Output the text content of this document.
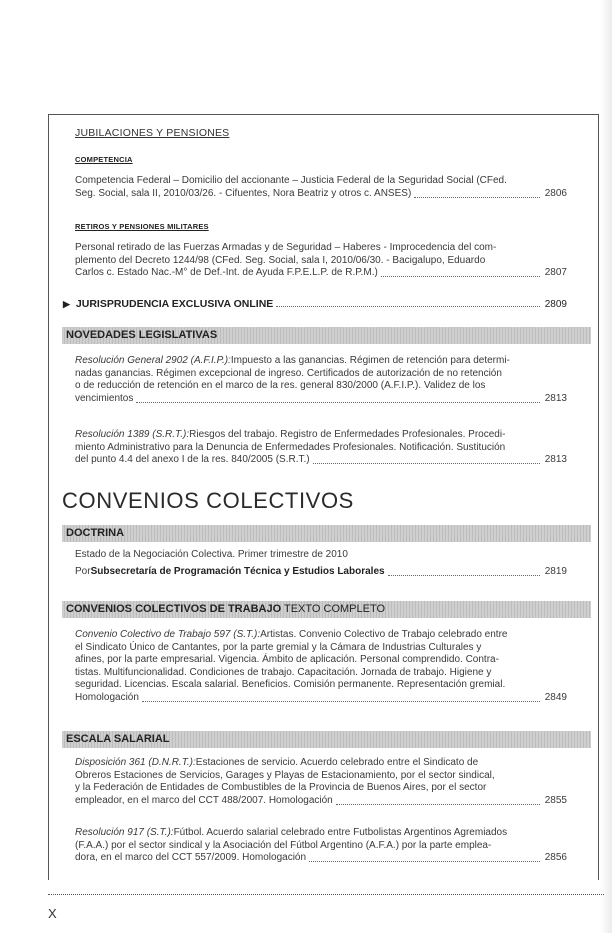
JUBILACIONES Y PENSIONES
COMPETENCIA
Competencia Federal – Domicilio del accionante – Justicia Federal de la Seguridad Social (CFed.
Seg. Social, sala II, 2010/03/26. - Cifuentes, Nora Beatriz y otros c. ANSES)	2806
RETIROS Y PENSIONES MILITARES
Personal retirado de las Fuerzas Armadas y de Seguridad – Haberes - Improcedencia del com-
plemento del Decreto 1244/98 (CFed. Seg. Social, sala I, 2010/06/30. - Bacigalupo, Eduardo
Carlos c. Estado Nac.-M° de Def.-Int. de Ayuda F.P.E.L.P. de R.P.M.)	2807
▶ JURISPRUDENCIA EXCLUSIVA ONLINE	2809
NOVEDADES LEGISLATIVAS
Resolución General 2902 (A.F.I.P.): Impuesto a las ganancias. Régimen de retención para determi-
nadas ganancias. Régimen excepcional de ingreso. Certificados de autorización de no retención
o de reducción de retención en el marco de la res. general 830/2000 (A.F.I.P.). Validez de los
vencimientos	2813
Resolución 1389 (S.R.T.): Riesgos del trabajo. Registro de Enfermedades Profesionales. Procedi-
miento Administrativo para la Denuncia de Enfermedades Profesionales. Notificación. Sustitución
del punto 4.4 del anexo I de la res. 840/2005 (S.R.T.)	2813
CONVENIOS COLECTIVOS
DOCTRINA
Estado de la Negociación Colectiva. Primer trimestre de 2010
Por Subsecretaría de Programación Técnica y Estudios Laborales	2819
CONVENIOS COLECTIVOS DE TRABAJO TEXTO COMPLETO
Convenio Colectivo de Trabajo 597 (S.T.): Artistas. Convenio Colectivo de Trabajo celebrado entre
el Sindicato Único de Cantantes, por la parte gremial y la Cámara de Industrias Culturales y
afines, por la parte empresarial. Vigencia. Ámbito de aplicación. Personal comprendido. Contra-
tistas. Multifuncionalidad. Condiciones de trabajo. Capacitación. Jornada de trabajo. Higiene y
seguridad. Licencias. Escala salarial. Beneficios. Comisión permanente. Representación gremial.
Homologación	2849
ESCALA SALARIAL
Disposición 361 (D.N.R.T.): Estaciones de servicio. Acuerdo celebrado entre el Sindicato de
Obreros Estaciones de Servicios, Garages y Playas de Estacionamiento, por el sector sindical,
y la Federación de Entidades de Combustibles de la Provincia de Buenos Aires, por el sector
empleador, en el marco del CCT 488/2007. Homologación	2855
Resolución 917 (S.T.): Fútbol. Acuerdo salarial celebrado entre Futbolistas Argentinos Agremiados
(F.A.A.) por el sector sindical y la Asociación del Fútbol Argentino (A.F.A.) por la parte emplea-
dora, en el marco del CCT 557/2009. Homologación	2856
X
